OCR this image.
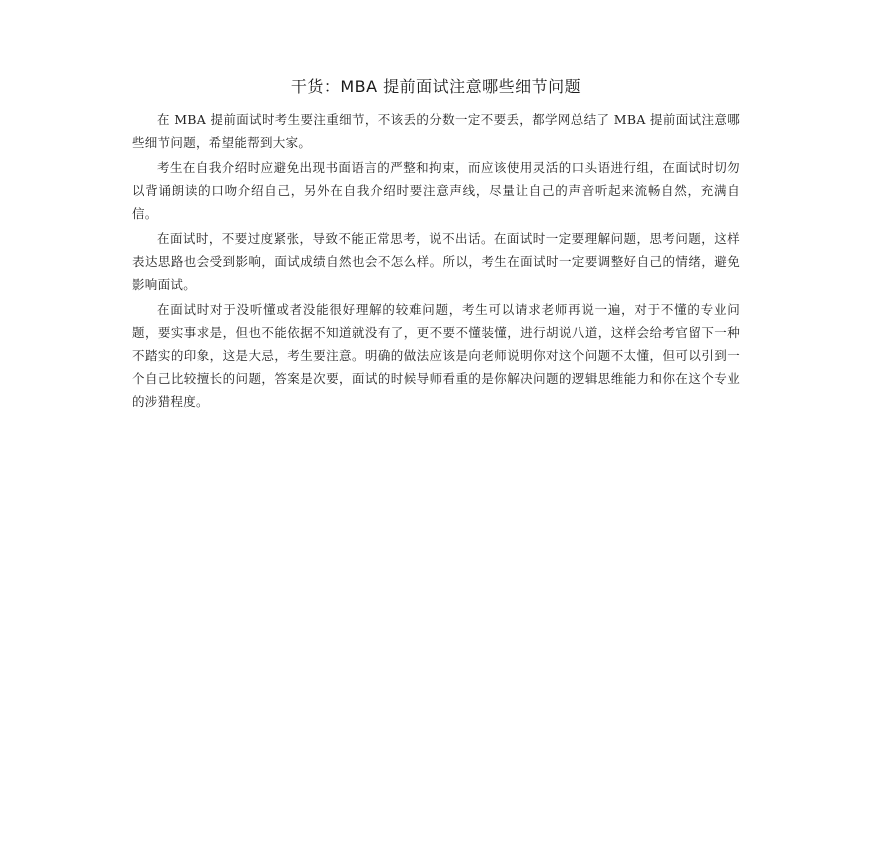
干货：MBA 提前面试注意哪些细节问题

在 MBA 提前面试时考生要注重细节，不该丢的分数一定不要丢，都学网总结了 MBA 提前面试注意哪些细节问题，希望能帮到大家。

考生在自我介绍时应避免出现书面语言的严整和拘束，而应该使用灵活的口头语进行组，在面试时切勿以背诵朗读的口吻介绍自己，另外在自我介绍时要注意声线，尽量让自己的声音听起来流畅自然，充满自信。

在面试时，不要过度紧张，导致不能正常思考，说不出话。在面试时一定要理解问题，思考问题，这样表达思路也会受到影响，面试成绩自然也会不怎么样。所以，考生在面试时一定要调整好自己的情绪，避免影响面试。

在面试时对于没听懂或者没能很好理解的较难问题，考生可以请求老师再说一遍，对于不懂的专业问题，要实事求是，但也不能依据不知道就没有了，更不要不懂装懂，进行胡说八道，这样会给考官留下一种不踏实的印象，这是大忌，考生要注意。明确的做法应该是向老师说明你对这个问题不太懂，但可以引到一个自己比较擅长的问题，答案是次要，面试的时候导师看重的是你解决问题的逻辑思维能力和你在这个专业的涉猎程度。
